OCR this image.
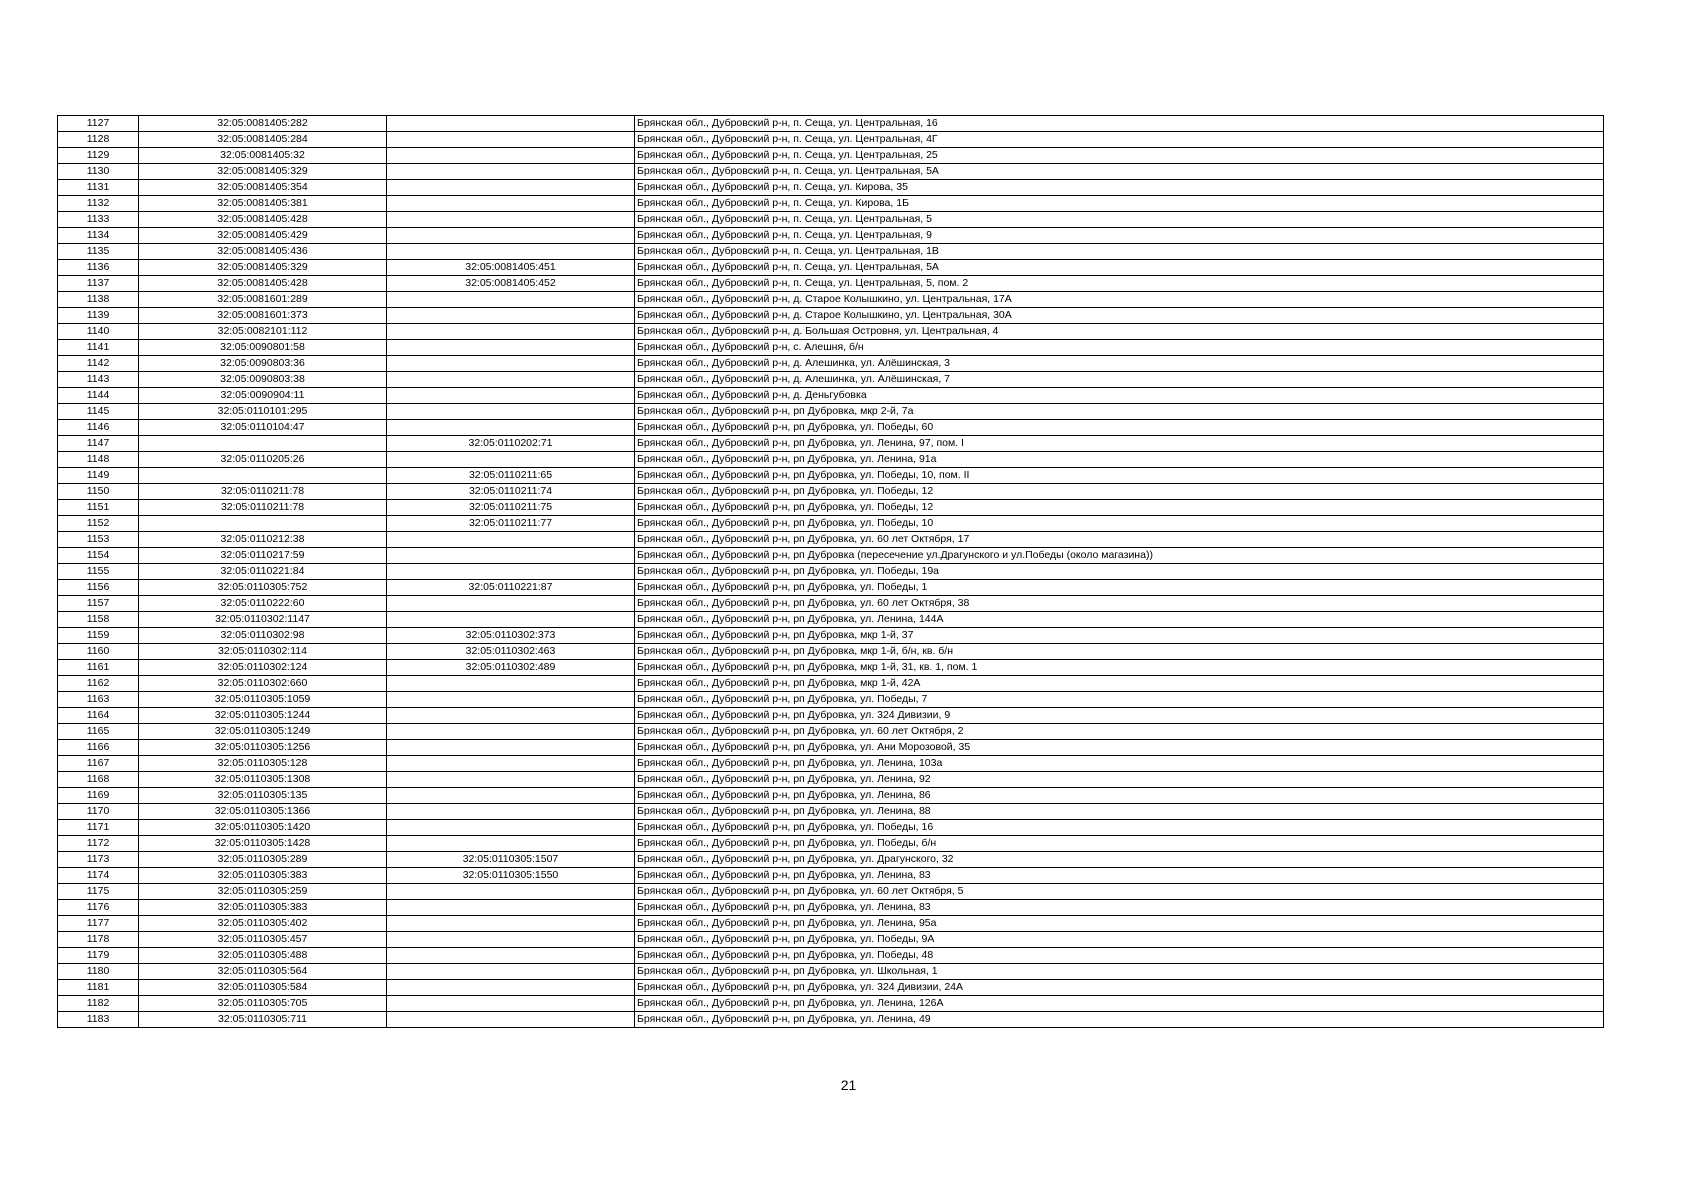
1127	32:05:0081405:282		Брянская обл., Дубровский р-н, п. Сеща, ул. Центральная, 16
1128	32:05:0081405:284		Брянская обл., Дубровский р-н, п. Сеща, ул. Центральная, 4Г
1129	32:05:0081405:32		Брянская обл., Дубровский р-н, п. Сеща, ул. Центральная, 25
1130	32:05:0081405:329		Брянская обл., Дубровский р-н, п. Сеща, ул. Центральная, 5А
1131	32:05:0081405:354		Брянская обл., Дубровский р-н, п. Сеща, ул. Кирова, 35
1132	32:05:0081405:381		Брянская обл., Дубровский р-н, п. Сеща, ул. Кирова, 1Б
1133	32:05:0081405:428		Брянская обл., Дубровский р-н, п. Сеща, ул. Центральная, 5
1134	32:05:0081405:429		Брянская обл., Дубровский р-н, п. Сеща, ул. Центральная, 9
1135	32:05:0081405:436		Брянская обл., Дубровский р-н, п. Сеща, ул. Центральная, 1В
1136	32:05:0081405:329	32:05:0081405:451	Брянская обл., Дубровский р-н, п. Сеща, ул. Центральная, 5А
1137	32:05:0081405:428	32:05:0081405:452	Брянская обл., Дубровский р-н, п. Сеща, ул. Центральная, 5, пом. 2
1138	32:05:0081601:289		Брянская обл., Дубровский р-н, д. Старое Колышкино, ул. Центральная, 17А
1139	32:05:0081601:373		Брянская обл., Дубровский р-н, д. Старое Колышкино, ул. Центральная, 30А
1140	32:05:0082101:112		Брянская обл., Дубровский р-н, д. Большая Островня, ул. Центральная, 4
1141	32:05:0090801:58		Брянская обл., Дубровский р-н, с. Алешня, б/н
1142	32:05:0090803:36		Брянская обл., Дубровский р-н, д. Алешинка, ул. Алёшинская, 3
1143	32:05:0090803:38		Брянская обл., Дубровский р-н, д. Алешинка, ул. Алёшинская, 7
1144	32:05:0090904:11		Брянская обл., Дубровский р-н, д. Деньгубовка
1145	32:05:0110101:295		Брянская обл., Дубровский р-н, рп Дубровка, мкр 2-й, 7а
1146	32:05:0110104:47		Брянская обл., Дубровский р-н, рп Дубровка, ул. Победы, 60
1147		32:05:0110202:71	Брянская обл., Дубровский р-н, рп Дубровка, ул. Ленина, 97, пом. I
1148	32:05:0110205:26		Брянская обл., Дубровский р-н, рп Дубровка, ул. Ленина, 91а
1149		32:05:0110211:65	Брянская обл., Дубровский р-н, рп Дубровка, ул. Победы, 10, пом. II
1150	32:05:0110211:78	32:05:0110211:74	Брянская обл., Дубровский р-н, рп Дубровка, ул. Победы, 12
1151	32:05:0110211:78	32:05:0110211:75	Брянская обл., Дубровский р-н, рп Дубровка, ул. Победы, 12
1152		32:05:0110211:77	Брянская обл., Дубровский р-н, рп Дубровка, ул. Победы, 10
1153	32:05:0110212:38		Брянская обл., Дубровский р-н, рп Дубровка, ул. 60 лет Октября, 17
1154	32:05:0110217:59		Брянская обл., Дубровский р-н, рп Дубровка (пересечение ул.Драгунского и ул.Победы (около магазина))
1155	32:05:0110221:84		Брянская обл., Дубровский р-н, рп Дубровка, ул. Победы, 19а
1156	32:05:0110305:752	32:05:0110221:87	Брянская обл., Дубровский р-н, рп Дубровка, ул. Победы, 1
1157	32:05:0110222:60		Брянская обл., Дубровский р-н, рп Дубровка, ул. 60 лет Октября, 38
1158	32:05:0110302:1147		Брянская обл., Дубровский р-н, рп Дубровка, ул. Ленина, 144А
1159	32:05:0110302:98	32:05:0110302:373	Брянская обл., Дубровский р-н, рп Дубровка, мкр 1-й, 37
1160	32:05:0110302:114	32:05:0110302:463	Брянская обл., Дубровский р-н, рп Дубровка, мкр 1-й, б/н, кв. б/н
1161	32:05:0110302:124	32:05:0110302:489	Брянская обл., Дубровский р-н, рп Дубровка, мкр 1-й, 31, кв. 1, пом. 1
1162	32:05:0110302:660		Брянская обл., Дубровский р-н, рп Дубровка, мкр 1-й, 42А
1163	32:05:0110305:1059		Брянская обл., Дубровский р-н, рп Дубровка, ул. Победы, 7
1164	32:05:0110305:1244		Брянская обл., Дубровский р-н, рп Дубровка, ул. 324 Дивизии, 9
1165	32:05:0110305:1249		Брянская обл., Дубровский р-н, рп Дубровка, ул. 60 лет Октября, 2
1166	32:05:0110305:1256		Брянская обл., Дубровский р-н, рп Дубровка, ул. Ани Морозовой, 35
1167	32:05:0110305:128		Брянская обл., Дубровский р-н, рп Дубровка, ул. Ленина, 103а
1168	32:05:0110305:1308		Брянская обл., Дубровский р-н, рп Дубровка, ул. Ленина, 92
1169	32:05:0110305:135		Брянская обл., Дубровский р-н, рп Дубровка, ул. Ленина, 86
1170	32:05:0110305:1366		Брянская обл., Дубровский р-н, рп Дубровка, ул. Ленина, 88
1171	32:05:0110305:1420		Брянская обл., Дубровский р-н, рп Дубровка, ул. Победы, 16
1172	32:05:0110305:1428		Брянская обл., Дубровский р-н, рп Дубровка, ул. Победы, б/н
1173	32:05:0110305:289	32:05:0110305:1507	Брянская обл., Дубровский р-н, рп Дубровка, ул. Драгунского, 32
1174	32:05:0110305:383	32:05:0110305:1550	Брянская обл., Дубровский р-н, рп Дубровка, ул. Ленина, 83
1175	32:05:0110305:259		Брянская обл., Дубровский р-н, рп Дубровка, ул. 60 лет Октября, 5
1176	32:05:0110305:383		Брянская обл., Дубровский р-н, рп Дубровка, ул. Ленина, 83
1177	32:05:0110305:402		Брянская обл., Дубровский р-н, рп Дубровка, ул. Ленина, 95а
1178	32:05:0110305:457		Брянская обл., Дубровский р-н, рп Дубровка, ул. Победы, 9А
1179	32:05:0110305:488		Брянская обл., Дубровский р-н, рп Дубровка, ул. Победы, 48
1180	32:05:0110305:564		Брянская обл., Дубровский р-н, рп Дубровка, ул. Школьная, 1
1181	32:05:0110305:584		Брянская обл., Дубровский р-н, рп Дубровка, ул. 324 Дивизии, 24А
1182	32:05:0110305:705		Брянская обл., Дубровский р-н, рп Дубровка, ул. Ленина, 126А
1183	32:05:0110305:711		Брянская обл., Дубровский р-н, рп Дубровка, ул. Ленина, 49
21
